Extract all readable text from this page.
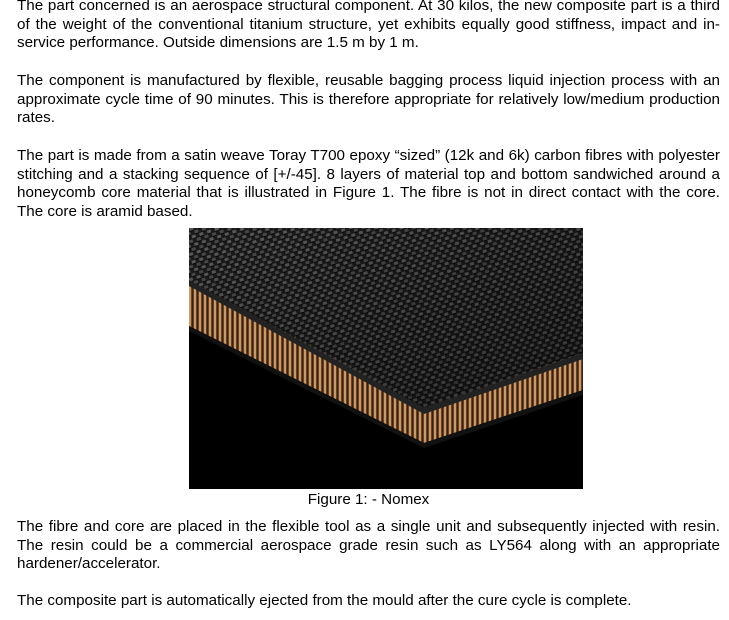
The part concerned is an aerospace structural component. At 30 kilos, the new composite part is a third of the weight of the conventional titanium structure, yet exhibits equally good stiffness, impact and in-service performance. Outside dimensions are 1.5 m by 1 m.

The component is manufactured by flexible, reusable bagging process liquid injection process with an approximate cycle time of 90 minutes. This is therefore appropriate for relatively low/medium production rates.

The part is made from a satin weave Toray T700 epoxy “sized” (12k and 6k) carbon fibres with polyester stitching and a stacking sequence of [+/-45]. 8 layers of material top and bottom sandwiched around a honeycomb core material that is illustrated in Figure 1. The fibre is not in direct contact with the core. The core is aramid based.

Figure 1: - Nomex

The fibre and core are placed in the flexible tool as a single unit and subsequently injected with resin. The resin could be a commercial aerospace grade resin such as LY564 along with an appropriate hardener/accelerator.

The composite part is automatically ejected from the mould after the cure cycle is complete.
